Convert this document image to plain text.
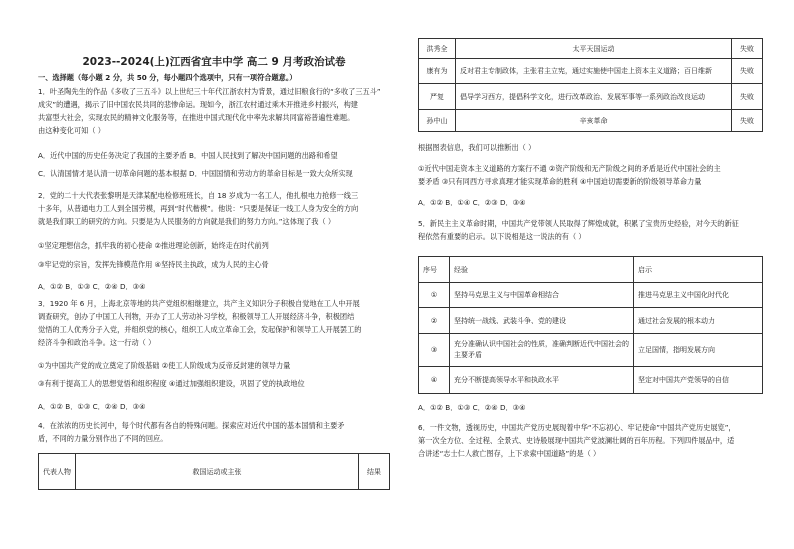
2023--2024(上)江西省宜丰中学 高二 9 月考政治试卷
一、选择题（每小题 2 分，共 50 分，每小题四个选项中，只有一项符合题意。）
1．叶圣陶先生的作品《多收了三五斗》以上世纪三十年代江浙农村为背景，通过旧粮食行的“多收了三五斗”
成灾”的遭遇，揭示了旧中国农民共同的悲惨命运。现如今，浙江农村通过乘木开推进乡村振兴，构建
共富型大社会，实现农民的精神文化服务等，在推进中国式现代化中率先求解共同富裕普遍性难题。
由这种变化可知（ ）
A．近代中国的历史任务决定了我国的主要矛盾 B．中国人民找到了解决中国问题的出路和希望
C．认清国情才是认清一切革命问题的基本根据 D．中国国情和劳动方的革命目标是一致大众所实现
2．党的二十大代表张黎明是天津某配电检修班班长，自 18 岁成为一名工人，他扎根电力抢修一线三
十多年，从普通电力工人到全国劳模，再到“时代楷模”。他说：“只要是保证一线工人身为安全的方向
就是我们职工的研究的方向。只要是为人民服务的方向就是我们的努力方向。”这体现了我（ ）
①坚定理想信念，抓牢我的初心使命 ②推进理论创新，始终走在时代前列
③牢记党的宗旨，发挥先锋模范作用 ④坚持民主执政，成为人民的主心骨
A．①② B．①③ C．②④ D．③④
3．1920 年 6 月，上海北京等地的共产党组织相继建立，共产主义知识分子积极自觉地在工人中开展
调查研究，创办了中国工人刊物，开办了工人劳动补习学校，积极领导工人开展经济斗争，积极团结
觉悟的工人优秀分子入党，并组织党的核心，组织工人成立革命工会，发起保护和领导工人开展罢工的
经济斗争和政治斗争。这一行动（ ）
①为中国共产党的成立奠定了阶级基础 ②使工人阶级成为反帝反封建的领导力量
③有利于提高工人的思想觉悟和组织程度 ④通过加强组织建设，巩固了党的执政地位
A．①② B．①③ C．②④ D．③④
4．在浓浓的历史长河中，每个时代都有各自的特殊问题。探索应对近代中国的基本国情和主要矛
盾，不同的力量分别作出了不同的回应。
代表人物	救国运动或主张	结果
洪秀全	太平天国运动	失败
康有为	反对君主专制政体，主张君主立宪，通过实施使中国走上资本主义道路；百日维新	失败
严复	倡导学习西方，提倡科学文化，进行改革政治、发展军事等一系列政治改良运动	失败
孙中山	辛亥革命	失败
根据图表信息，我们可以推断出（ ）
①近代中国走资本主义道路的方案行不通 ②资产阶级和无产阶级之间的矛盾是近代中国社会的主
要矛盾 ③只有同西方寻求真理才能实现革命的胜利 ④中国迫切需要新的阶级领导革命力量
A．①② B．①④ C．②③ D．③④
5．新民主主义革命时期，中国共产党带领人民取得了辉煌成就，积累了宝贵历史经验，对今天的新征
程依然有重要的启示。以下说相是这一说法的有（ ）
序号	经验	启示
①	坚持马克思主义与中国革命相结合	推进马克思主义中国化时代化
②	坚持统一战线、武装斗争、党的建设	通过社会发展的根本动力
③	充分准确认识中国社会的性质，准确判断近代中国社会的主要矛盾	立足国情，指明发展方向
④	充分不断提高领导水平和执政水平	坚定对中国共产党领导的自信
A．①② B．①③ C．②④ D．③④
6．一件文物，透视历史，中国共产党历史展现着中华“不忘初心、牢记使命”中国共产党历史展览”，
第一次全方位、全过程、全景式、史诗般展现中国共产党波澜壮阔的百年历程。下列四件展品中，适
合讲述“志士仁人救亡图存，上下求索中国道路”的是（ ）
